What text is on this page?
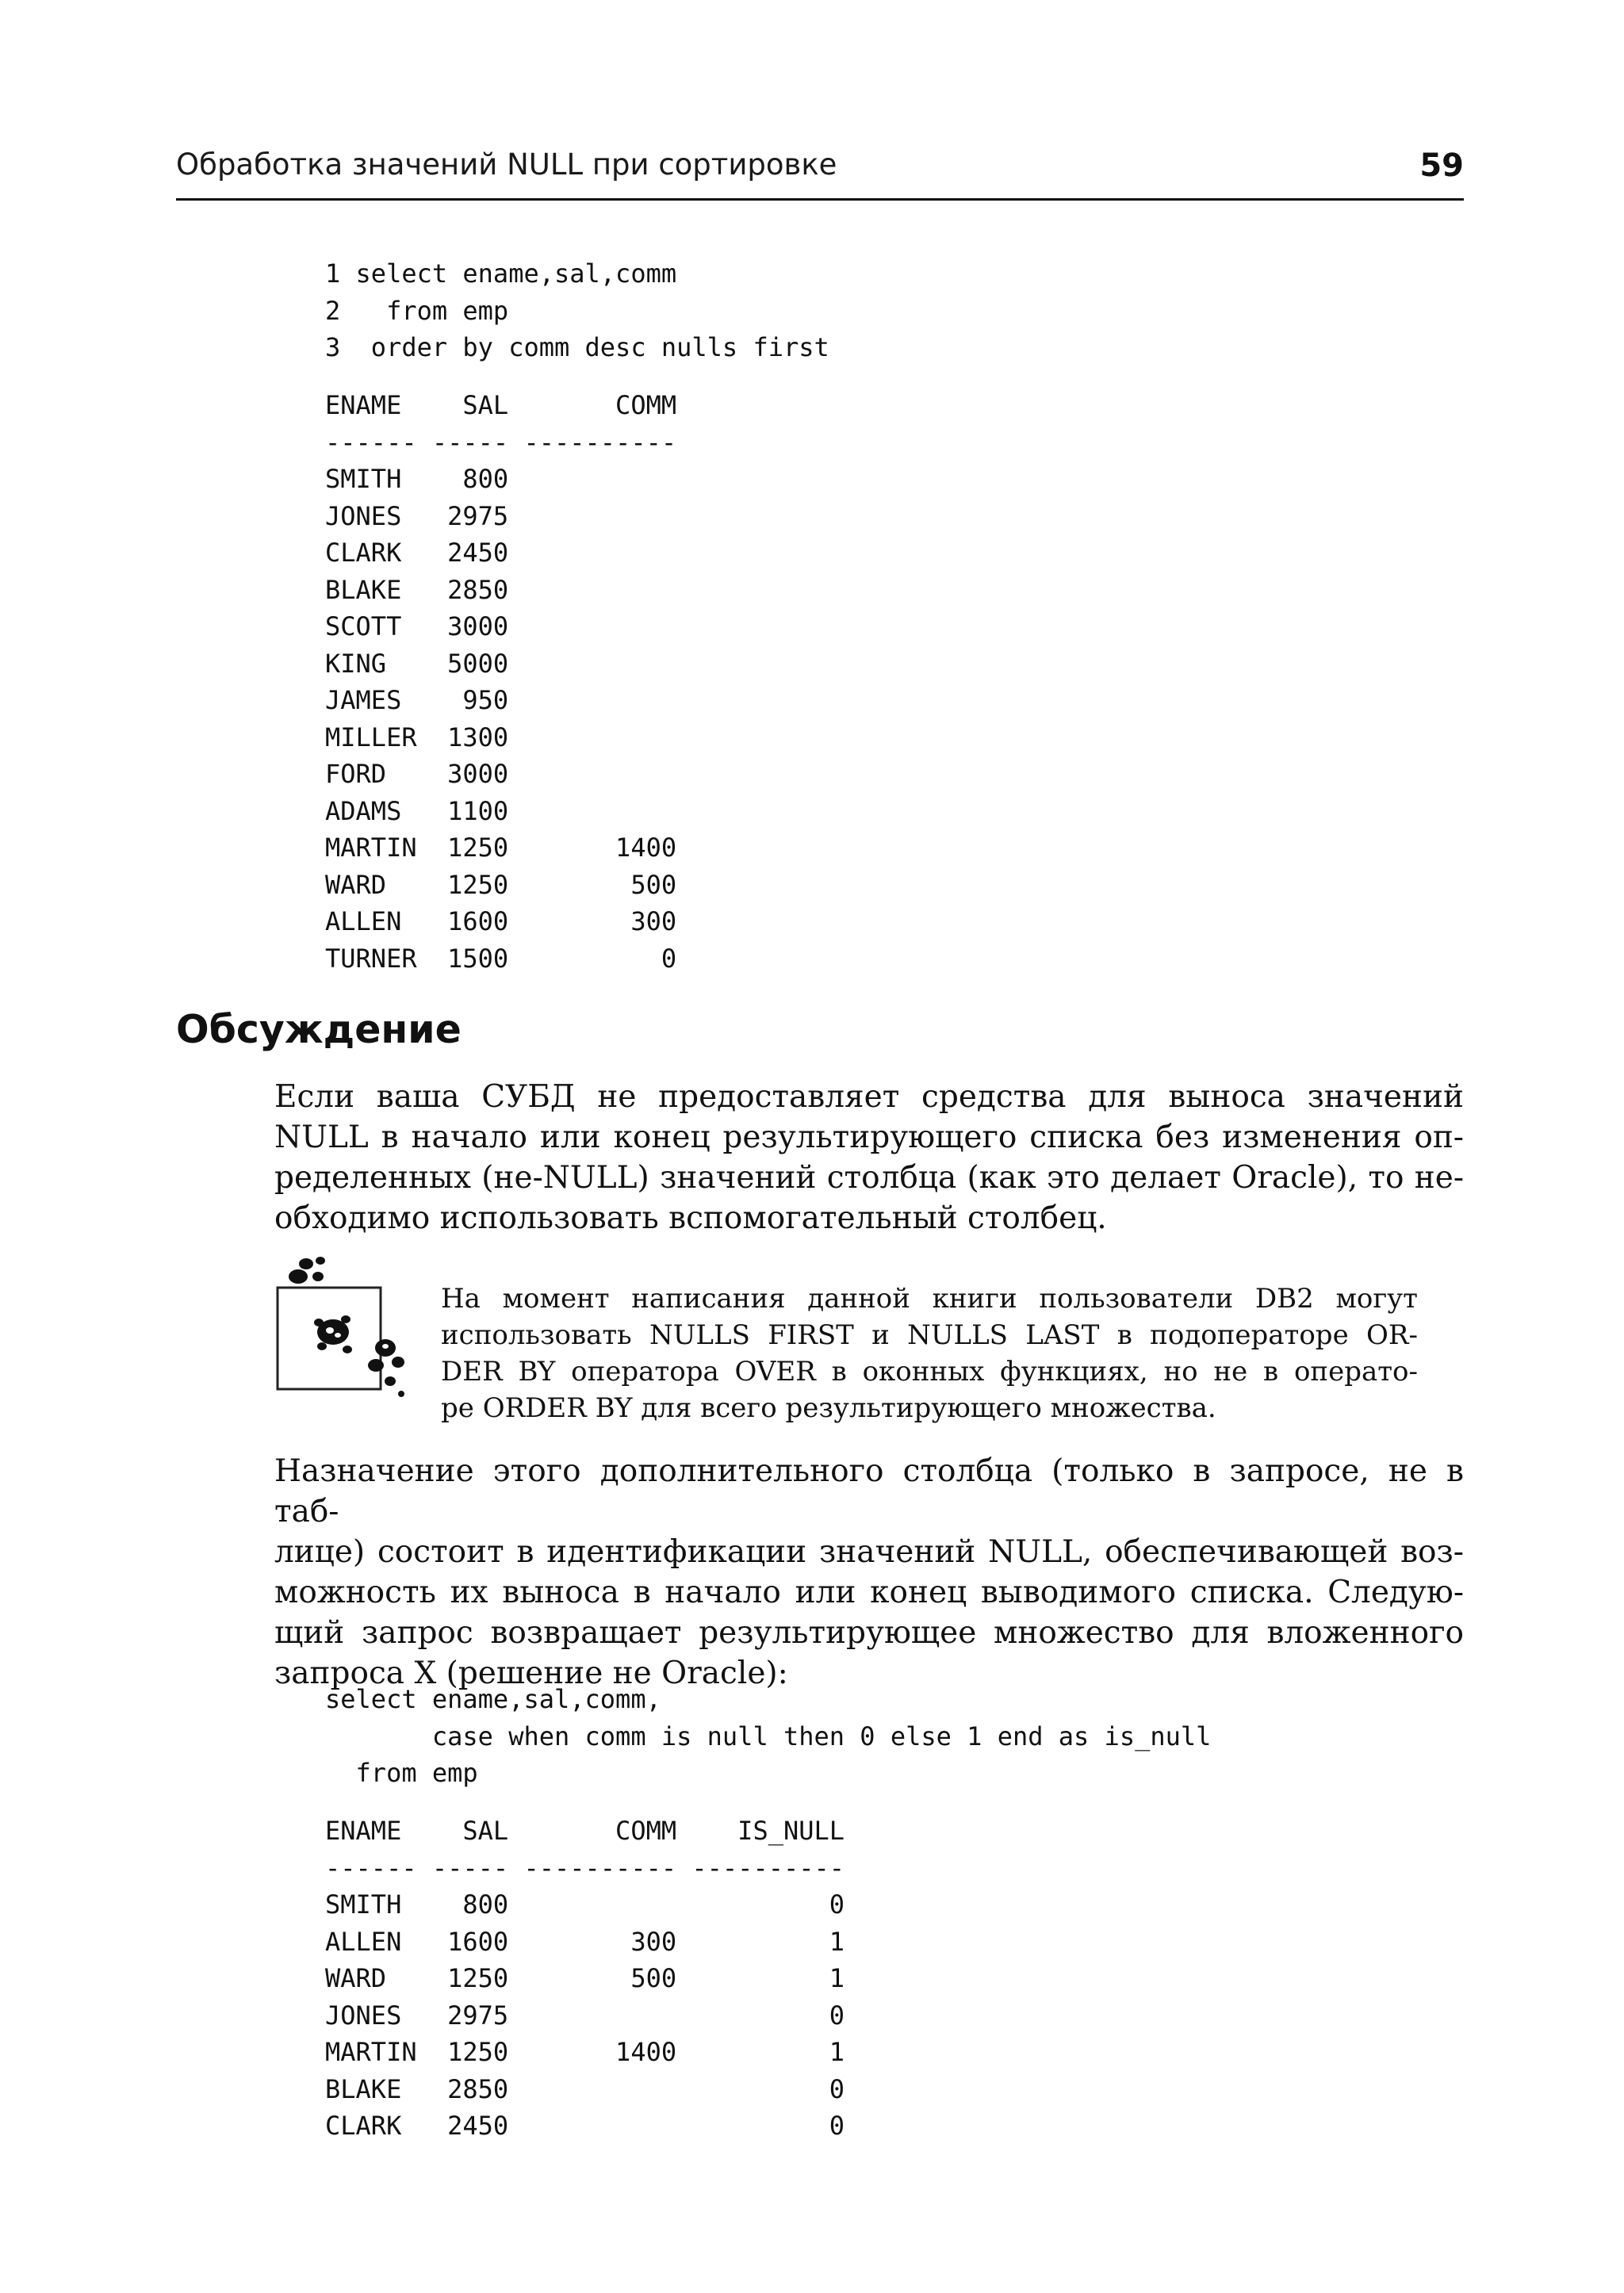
Обработка значений NULL при сортировке	59
1 select ename,sal,comm
2   from emp
3  order by comm desc nulls first
ENAME    SAL       COMM
------ ----- ----------
SMITH    800
JONES   2975
CLARK   2450
BLAKE   2850
SCOTT   3000
KING    5000
JAMES    950
MILLER  1300
FORD    3000
ADAMS   1100
MARTIN  1250       1400
WARD    1250        500
ALLEN   1600        300
TURNER  1500          0
Обсуждение

Если ваша СУБД не предоставляет средства для выноса значений
NULL в начало или конец результирующего списка без изменения оп-
ределенных (не-NULL) значений столбца (как это делает Oracle), то не-
обходимо использовать вспомогательный столбец.

На момент написания данной книги пользователи DB2 могут
использовать NULLS FIRST и NULLS LAST в подоператоре OR-
DER BY оператора OVER в оконных функциях, но не в операто-
ре ORDER BY для всего результирующего множества.

Назначение этого дополнительного столбца (только в запросе, не в таб-
лице) состоит в идентификации значений NULL, обеспечивающей воз-
можность их выноса в начало или конец выводимого списка. Следую-
щий запрос возвращает результирующее множество для вложенного
запроса X (решение не Oracle):

select ename,sal,comm,
case when comm is null then 0 else 1 end as is_null
from emp
ENAME    SAL       COMM    IS_NULL
------ ----- ---------- ----------
SMITH    800                     0
ALLEN   1600        300          1
WARD    1250        500          1
JONES   2975                     0
MARTIN  1250       1400          1
BLAKE   2850                     0
CLARK   2450                     0
